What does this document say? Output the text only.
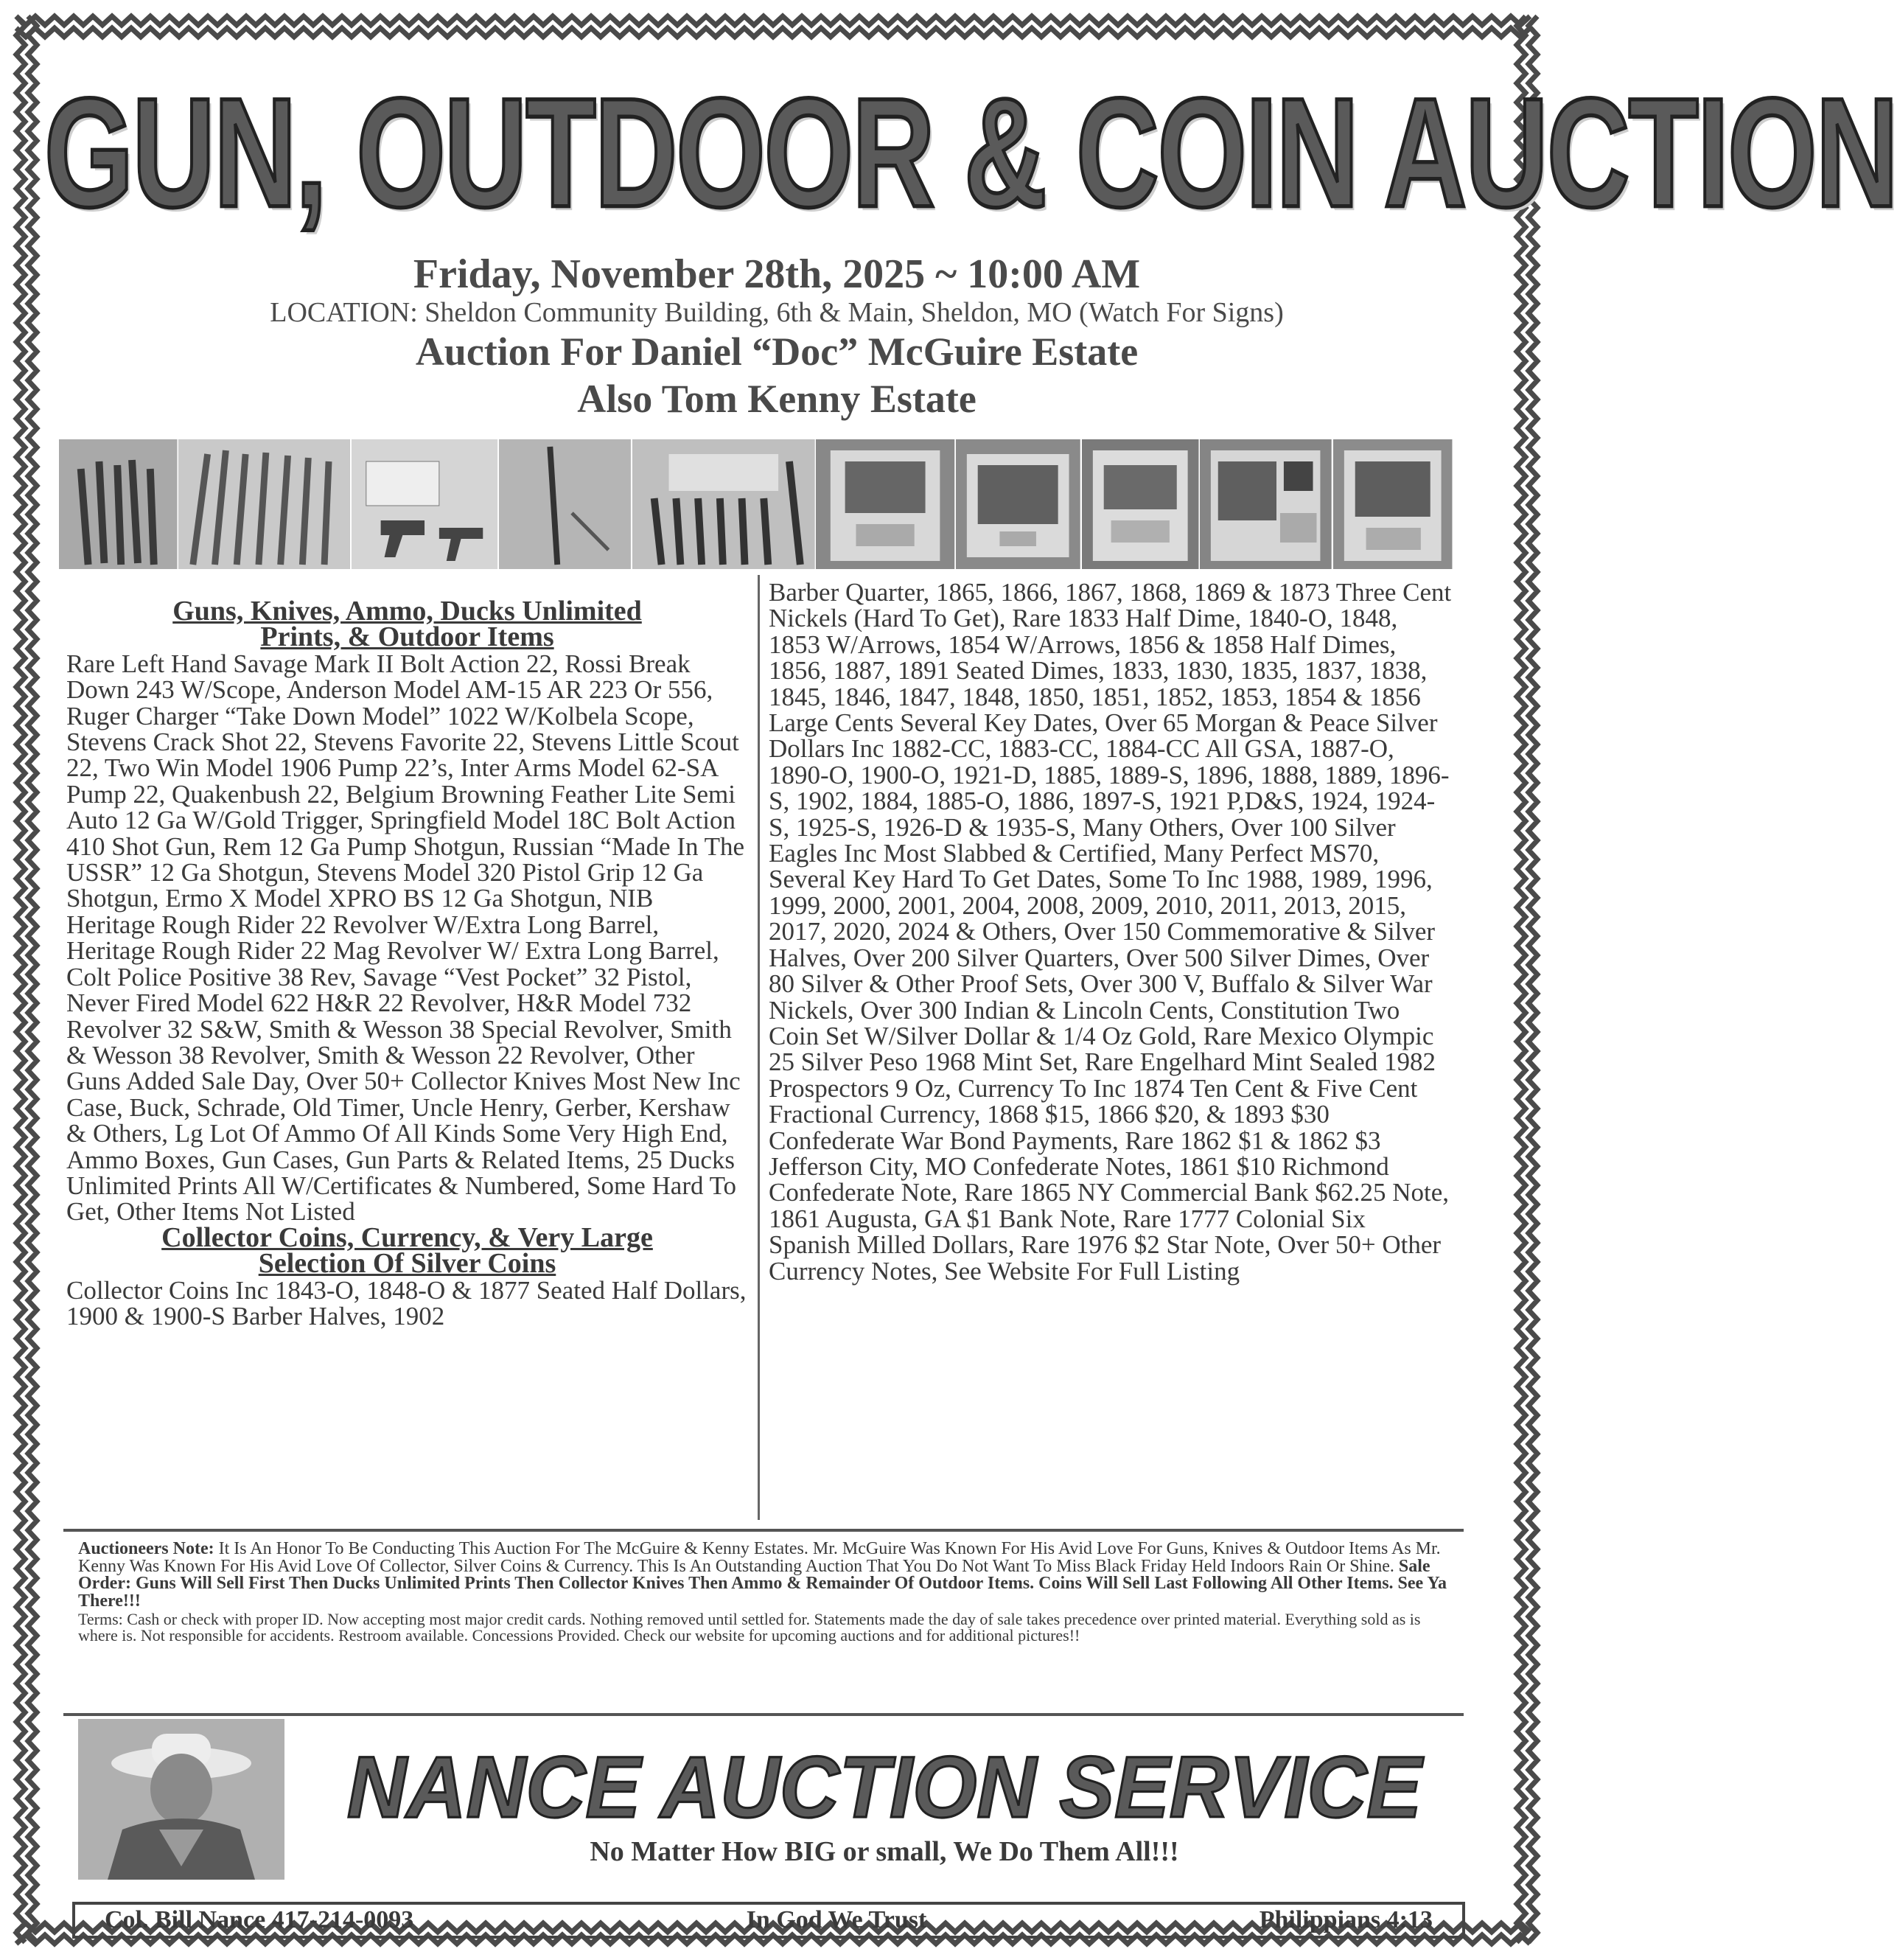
GUN, OUTDOOR & COIN AUCTION
Friday, November 28th, 2025 ~ 10:00 AM
LOCATION: Sheldon Community Building, 6th & Main, Sheldon, MO (Watch For Signs)
Auction For Daniel “Doc” McGuire Estate
Also Tom Kenny Estate
Guns, Knives, Ammo, Ducks Unlimited
Prints, & Outdoor Items
Rare Left Hand Savage Mark II Bolt Action 22, Rossi Break Down 243 W/Scope, Anderson Model AM-15 AR 223 Or 556, Ruger Charger “Take Down Model” 1022 W/Kolbela Scope, Stevens Crack Shot 22, Stevens Favorite 22, Stevens Little Scout 22, Two Win Model 1906 Pump 22’s, Inter Arms Model 62-SA Pump 22, Quakenbush 22, Belgium Browning Feather Lite Semi Auto 12 Ga W/Gold Trigger, Springfield Model 18C Bolt Action 410 Shot Gun, Rem 12 Ga Pump Shotgun, Russian “Made In The USSR” 12 Ga Shotgun, Stevens Model 320 Pistol Grip 12 Ga Shotgun, Ermo X Model XPRO BS 12 Ga Shotgun, NIB Heritage Rough Rider 22 Revolver W/Extra Long Barrel, Heritage Rough Rider 22 Mag Revolver W/ Extra Long Barrel, Colt Police Positive 38 Rev, Savage “Vest Pocket” 32 Pistol, Never Fired Model 622 H&R 22 Revolver, H&R Model 732 Revolver 32 S&W, Smith & Wesson 38 Special Revolver, Smith & Wesson 38 Revolver, Smith & Wesson 22 Revolver, Other Guns Added Sale Day, Over 50+ Collector Knives Most New Inc Case, Buck, Schrade, Old Timer, Uncle Henry, Gerber, Kershaw & Others, Lg Lot Of Ammo Of All Kinds Some Very High End, Ammo Boxes, Gun Cases, Gun Parts & Related Items, 25 Ducks Unlimited Prints All W/Certificates & Numbered, Some Hard To Get, Other Items Not Listed
Collector Coins, Currency, & Very Large
Selection Of Silver Coins
Collector Coins Inc 1843-O, 1848-O & 1877 Seated Half Dollars, 1900 & 1900-S Barber Halves, 1902
Barber Quarter, 1865, 1866, 1867, 1868, 1869 & 1873 Three Cent Nickels (Hard To Get), Rare 1833 Half Dime, 1840-O, 1848, 1853 W/Arrows, 1854 W/Arrows, 1856 & 1858 Half Dimes, 1856, 1887, 1891 Seated Dimes, 1833, 1830, 1835, 1837, 1838, 1845, 1846, 1847, 1848, 1850, 1851, 1852, 1853, 1854 & 1856 Large Cents Several Key Dates, Over 65 Morgan & Peace Silver Dollars Inc 1882-CC, 1883-CC, 1884-CC All GSA, 1887-O, 1890-O, 1900-O, 1921-D, 1885, 1889-S, 1896, 1888, 1889, 1896-S, 1902, 1884, 1885-O, 1886, 1897-S, 1921 P,D&S, 1924, 1924-S, 1925-S, 1926-D & 1935-S, Many Others, Over 100 Silver Eagles Inc Most Slabbed & Certified, Many Perfect MS70, Several Key Hard To Get Dates, Some To Inc 1988, 1989, 1996, 1999, 2000, 2001, 2004, 2008, 2009, 2010, 2011, 2013, 2015, 2017, 2020, 2024 & Others, Over 150 Commemorative & Silver Halves, Over 200 Silver Quarters, Over 500 Silver Dimes, Over 80 Silver & Other Proof Sets, Over 300 V, Buffalo & Silver War Nickels, Over 300 Indian & Lincoln Cents, Constitution Two Coin Set W/Silver Dollar & 1/4 Oz Gold, Rare Mexico Olympic 25 Silver Peso 1968 Mint Set, Rare Engelhard Mint Sealed 1982 Prospectors 9 Oz, Currency To Inc 1874 Ten Cent & Five Cent Fractional Currency, 1868 $15, 1866 $20, & 1893 $30 Confederate War Bond Payments, Rare 1862 $1 & 1862 $3 Jefferson City, MO Confederate Notes, 1861 $10 Richmond Confederate Note, Rare 1865 NY Commercial Bank $62.25 Note, 1861 Augusta, GA $1 Bank Note, Rare 1777 Colonial Six Spanish Milled Dollars, Rare 1976 $2 Star Note, Over 50+ Other Currency Notes, See Website For Full Listing
Auctioneers Note: It Is An Honor To Be Conducting This Auction For The McGuire & Kenny Estates. Mr. McGuire Was Known For His Avid Love For Guns, Knives & Outdoor Items As Mr. Kenny Was Known For His Avid Love Of Collector, Silver Coins & Currency. This Is An Outstanding Auction That You Do Not Want To Miss Black Friday Held Indoors Rain Or Shine. Sale Order: Guns Will Sell First Then Ducks Unlimited Prints Then Collector Knives Then Ammo & Remainder Of Outdoor Items. Coins Will Sell Last Following All Other Items. See Ya There!!!
Terms: Cash or check with proper ID. Now accepting most major credit cards. Nothing removed until settled for. Statements made the day of sale takes precedence over printed material. Everything sold as is where is. Not responsible for accidents. Restroom available. Concessions Provided. Check our website for upcoming auctions and for additional pictures!!
NANCE AUCTION SERVICE
No Matter How BIG or small, We Do Them All!!!
Col. Bill Nance 417-214-0093	In God We Trust	Philippians 4:13
